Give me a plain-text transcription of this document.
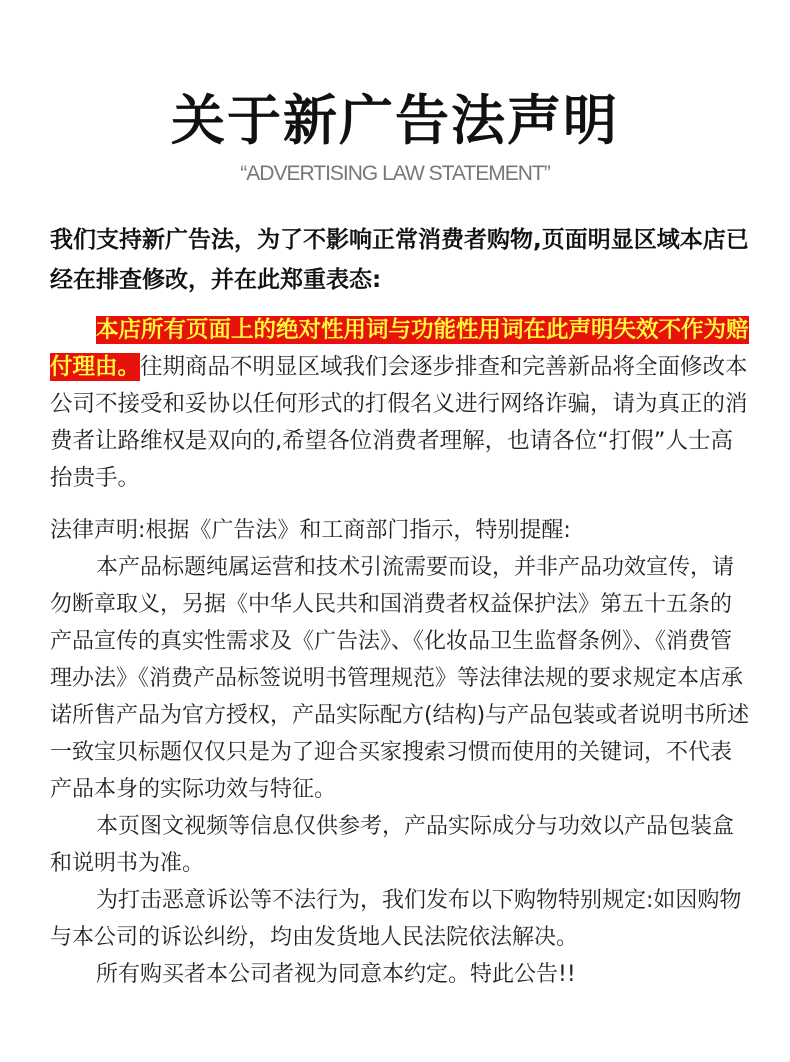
关于新广告法声明
“ADVERTISING LAW STATEMENT”
我们支持新广告法，为了不影响正常消费者购物,页面明显区域本店已经在排查修改，并在此郑重表态:
本店所有页面上的绝对性用词与功能性用词在此声明失效不作为赔付理由。往期商品不明显区域我们会逐步排查和完善新品将全面修改本公司不接受和妥协以任何形式的打假名义进行网络诈骗，请为真正的消费者让路维权是双向的,希望各位消费者理解，也请各位“打假”人士高抬贵手。

法律声明:根据《广告法》和工商部门指示，特别提醒:

本产品标题纯属运营和技术引流需要而设，并非产品功效宣传，请勿断章取义，另据《中华人民共和国消费者权益保护法》第五十五条的产品宣传的真实性需求及《广告法》、《化妆品卫生监督条例》、《消费管理办法》《消费产品标签说明书管理规范》等法律法规的要求规定本店承诺所售产品为官方授权，产品实际配方(结构)与产品包装或者说明书所述一致宝贝标题仅仅只是为了迎合买家搜索习惯而使用的关键词，不代表产品本身的实际功效与特征。

本页图文视频等信息仅供参考，产品实际成分与功效以产品包装盒和说明书为准。

为打击恶意诉讼等不法行为，我们发布以下购物特别规定:如因购物与本公司的诉讼纠纷，均由发货地人民法院依法解决。

所有购买者本公司者视为同意本约定。特此公告!!
